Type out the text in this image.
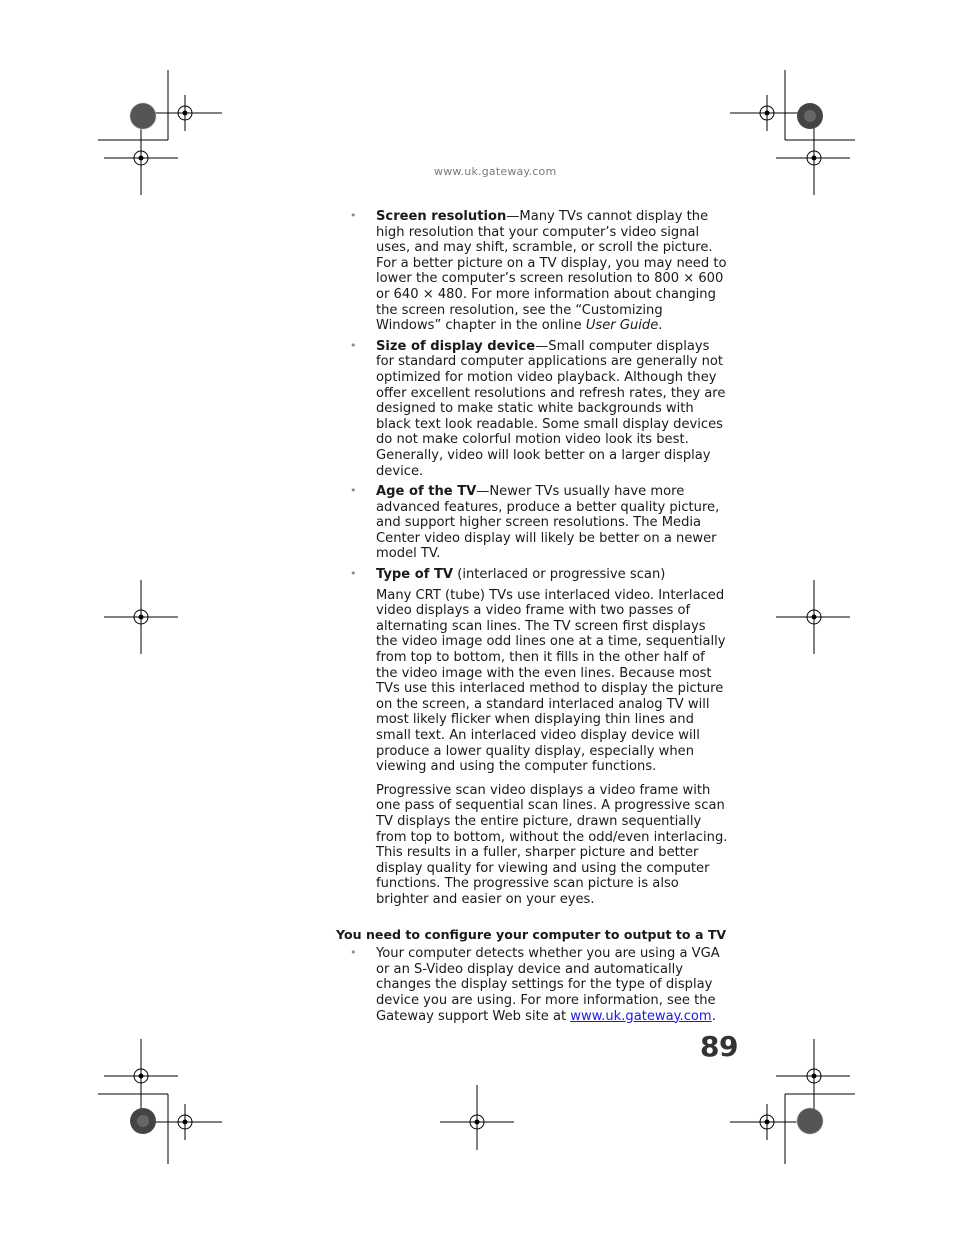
www.uk.gateway.com
• Screen resolution—Many TVs cannot display the high resolution that your computer’s video signal uses, and may shift, scramble, or scroll the picture. For a better picture on a TV display, you may need to lower the computer’s screen resolution to 800 × 600 or 640 × 480. For more information about changing the screen resolution, see the “Customizing Windows” chapter in the online User Guide.
• Size of display device—Small computer displays for standard computer applications are generally not optimized for motion video playback. Although they offer excellent resolutions and refresh rates, they are designed to make static white backgrounds with black text look readable. Some small display devices do not make colorful motion video look its best. Generally, video will look better on a larger display device.
• Age of the TV—Newer TVs usually have more advanced features, produce a better quality picture, and support higher screen resolutions. The Media Center video display will likely be better on a newer model TV.
• Type of TV (interlaced or progressive scan)

Many CRT (tube) TVs use interlaced video. Interlaced video displays a video frame with two passes of alternating scan lines. The TV screen first displays the video image odd lines one at a time, sequentially from top to bottom, then it fills in the other half of the video image with the even lines. Because most TVs use this interlaced method to display the picture on the screen, a standard interlaced analog TV will most likely flicker when displaying thin lines and small text. An interlaced video display device will produce a lower quality display, especially when viewing and using the computer functions.

Progressive scan video displays a video frame with one pass of sequential scan lines. A progressive scan TV displays the entire picture, drawn sequentially from top to bottom, without the odd/even interlacing. This results in a fuller, sharper picture and better display quality for viewing and using the computer functions. The progressive scan picture is also brighter and easier on your eyes.

You need to configure your computer to output to a TV
• Your computer detects whether you are using a VGA or an S-Video display device and automatically changes the display settings for the type of display device you are using. For more information, see the Gateway support Web site at www.uk.gateway.com.
89
